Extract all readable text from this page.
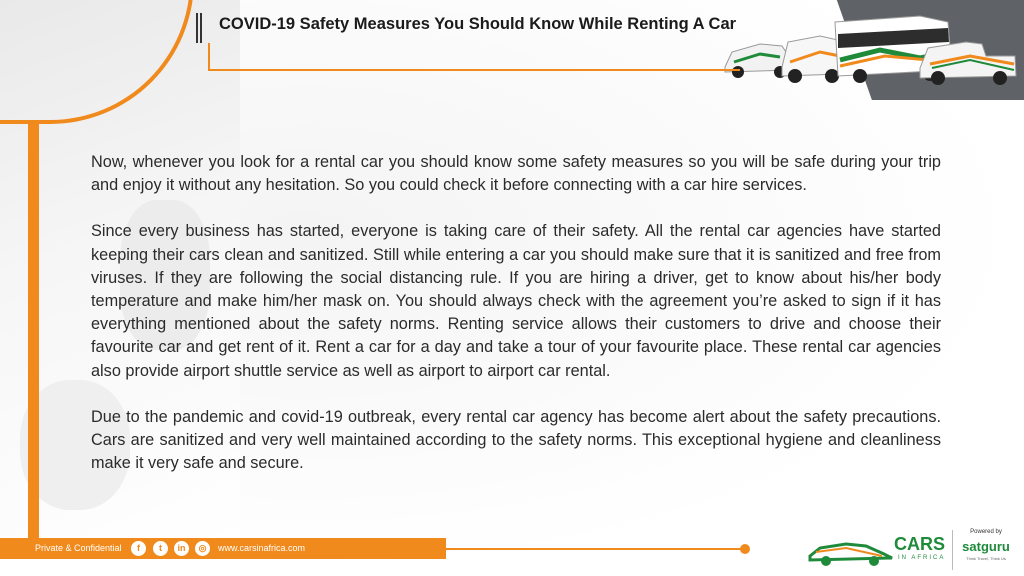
COVID-19 Safety Measures You Should Know While Renting A Car

Now, whenever you look for a rental car you should know some safety measures so you will be safe during your trip and enjoy it without any hesitation. So you could check it before connecting with a car hire services.

Since every business has started, everyone is taking care of their safety. All the rental car agencies have started keeping their cars clean and sanitized. Still while entering a car you should make sure that it is sanitized and free from viruses. If they are following the social distancing rule. If you are hiring a driver, get to know about his/her body temperature and make him/her mask on. You should always check with the agreement you’re asked to sign if it has everything mentioned about the safety norms. Renting service allows their customers to drive and choose their favourite car and get rent of it. Rent a car for a day and take a tour of your favourite place. These rental car agencies also provide airport shuttle service as well as airport to airport car rental.

Due to the pandemic and covid-19 outbreak, every rental car agency has become alert about the safety precautions. Cars are sanitized and very well maintained according to the safety norms. This exceptional hygiene and cleanliness make it very safe and secure.

Private & Confidential	f	t	in	◎	www.carsinafrica.com	CARS
IN AFRICA
Powered by
satguru
Think Travel, Think Us
